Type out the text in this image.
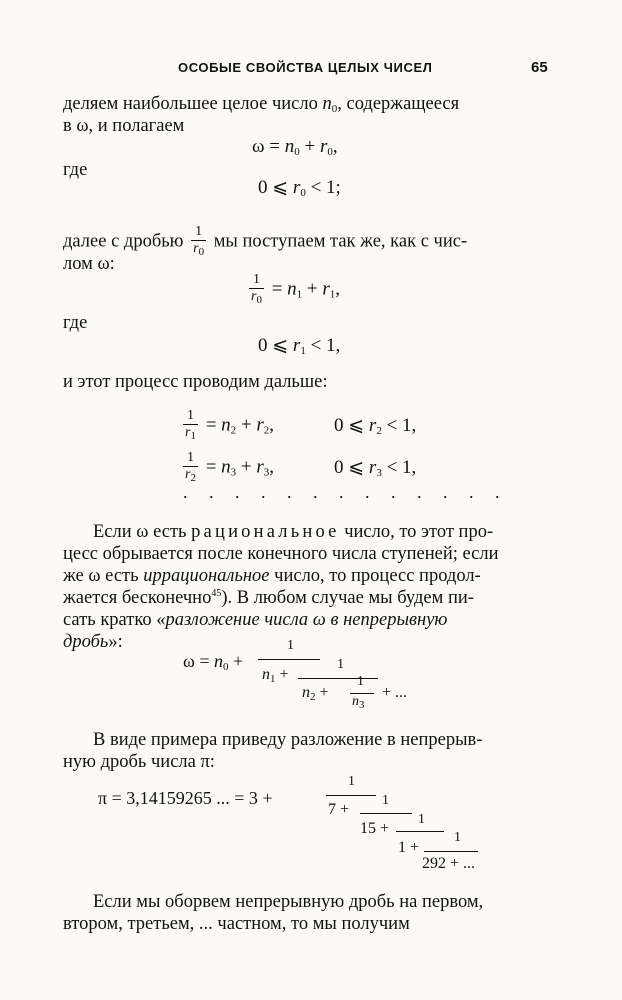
ОСОБЫЕ СВОЙСТВА ЦЕЛЫХ ЧИСЕЛ	65
деляем наибольшее целое число $n_0$, содержащееся
в ω, и полагаем
$\omega = n_0 + r_0$,
где
0 ⩽ $r_0 < 1$;
далее с дробью $\frac{1}{r_0}$ мы поступаем так же, как с чис-
лом ω:
$\frac{1}{r_0} = n_1 + r_1$,
где
0 ⩽ $r_1 < 1$,
и этот процесс проводим дальше:
$\frac{1}{r_1} = n_2 + r_2$,	0 ⩽ $r_2 < 1$,
$\frac{1}{r_2} = n_3 + r_3$,	0 ⩽ $r_3 < 1$,
. . . . . . . . . . . . .
Если ω есть рациональное число, то этот про-
цесс обрывается после конечного числа ступеней; если
же ω есть иррациональное число, то процесс продол-
жается бесконечно$^{45}$). В любом случае мы будем пи-
сать кратко «разложение числа ω в непрерывную
дробь»:
$\omega = n_0$ +
1
$n_1$ +
1
$n_2$ +
1
$n_3$
+ ...
В виде примера приведу разложение в непрерыв-
ную дробь числа π:
π = 3,14159265 ... = 3 +
1
7 +
1
15 +
1
1 +
1
292 + ...
Если мы оборвем непрерывную дробь на первом,
втором, третьем, ... частном, то мы получим
